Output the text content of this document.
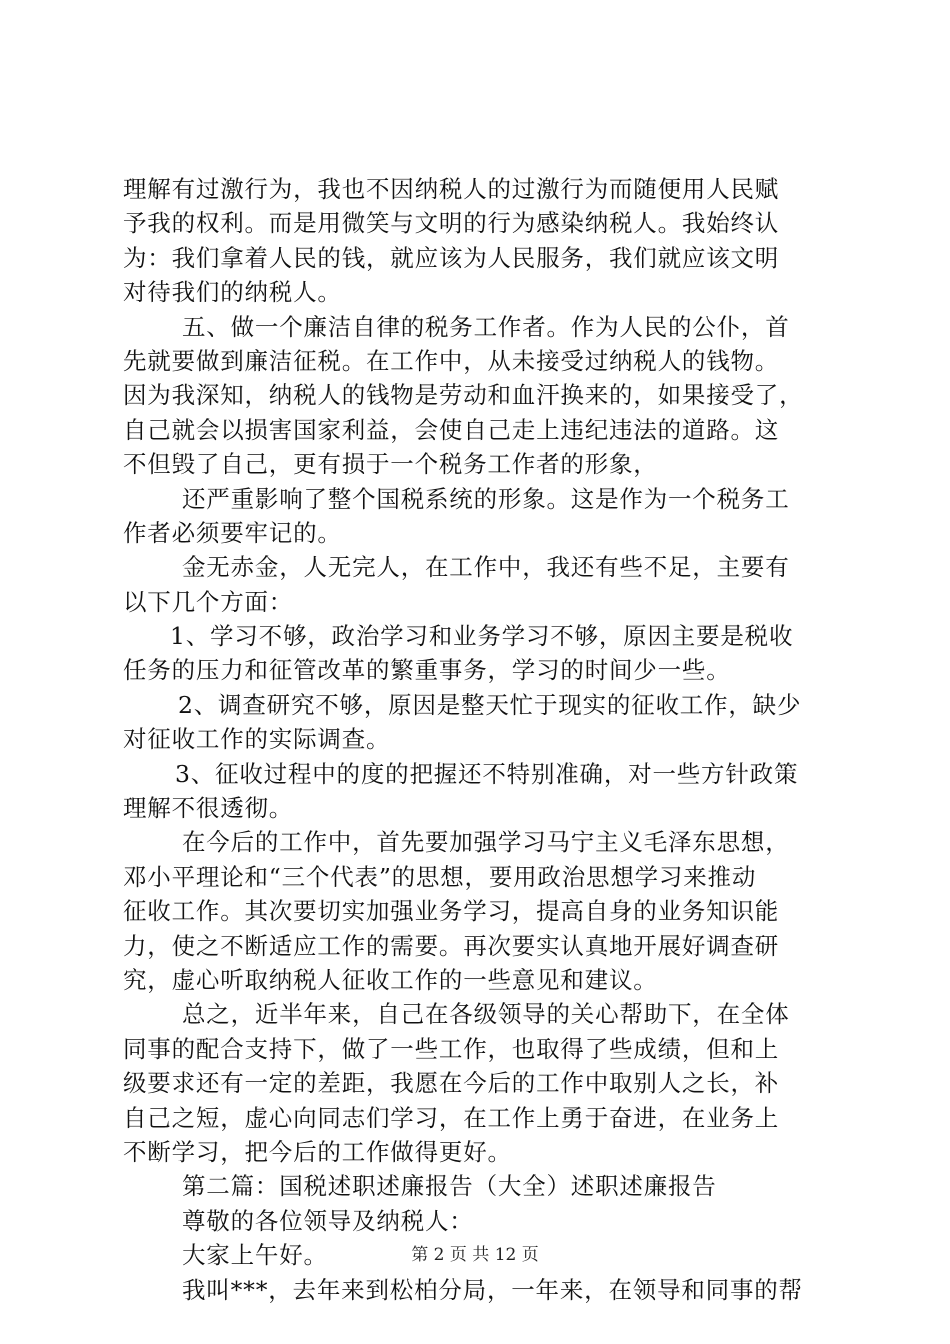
理解有过激行为，我也不因纳税人的过激行为而随便用人民赋
予我的权利。而是用微笑与文明的行为感染纳税人。我始终认
为：我们拿着人民的钱，就应该为人民服务，我们就应该文明
对待我们的纳税人。
五、做一个廉洁自律的税务工作者。作为人民的公仆，首
先就要做到廉洁征税。在工作中，从未接受过纳税人的钱物。
因为我深知，纳税人的钱物是劳动和血汗换来的，如果接受了，
自己就会以损害国家利益，会使自己走上违纪违法的道路。这
不但毁了自己，更有损于一个税务工作者的形象，
还严重影响了整个国税系统的形象。这是作为一个税务工
作者必须要牢记的。
金无赤金，人无完人，在工作中，我还有些不足，主要有
以下几个方面：
1、学习不够，政治学习和业务学习不够，原因主要是税收
任务的压力和征管改革的繁重事务，学习的时间少一些。
2、调查研究不够，原因是整天忙于现实的征收工作，缺少
对征收工作的实际调查。
3、征收过程中的度的把握还不特别准确，对一些方针政策
理解不很透彻。
在今后的工作中，首先要加强学习马宁主义毛泽东思想，
邓小平理论和“三个代表”的思想，要用政治思想学习来推动
征收工作。其次要切实加强业务学习，提高自身的业务知识能
力，使之不断适应工作的需要。再次要实认真地开展好调查研
究，虚心听取纳税人征收工作的一些意见和建议。
总之，近半年来，自己在各级领导的关心帮助下，在全体
同事的配合支持下，做了一些工作，也取得了些成绩，但和上
级要求还有一定的差距，我愿在今后的工作中取别人之长，补
自己之短，虚心向同志们学习，在工作上勇于奋进，在业务上
不断学习，把今后的工作做得更好。
第二篇：国税述职述廉报告（大全）述职述廉报告
尊敬的各位领导及纳税人：
大家上午好。
我叫***，去年来到松柏分局，一年来，在领导和同事的帮
第 2 页 共 12 页
